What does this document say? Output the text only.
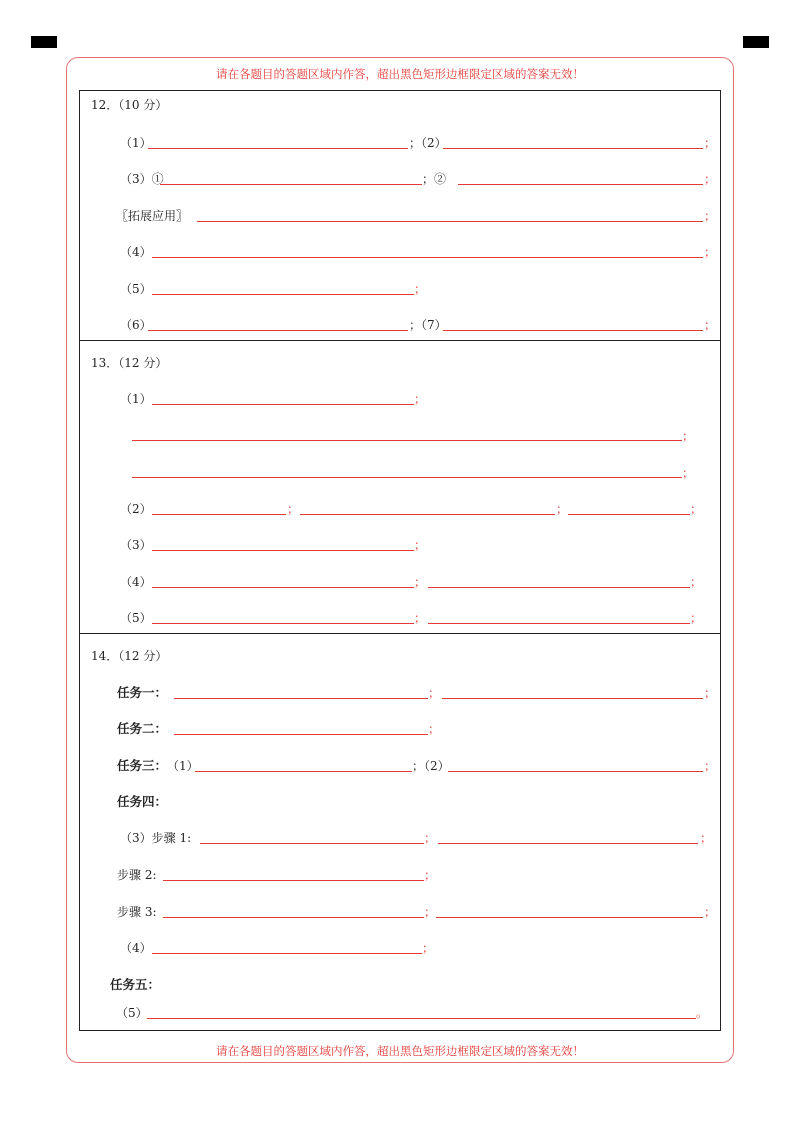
请在各题目的答题区域内作答，超出黑色矩形边框限定区域的答案无效！
请在各题目的答题区域内作答，超出黑色矩形边框限定区域的答案无效！
12．（10 分）
（1）	；（2）	；
（3）①	；②	；
〖拓展应用〗	；
（4）	；
（5）	；
（6）	；（7）	；
13．（12 分）
（1）	；
；
；
（2）	；	；	；
（3）	；
（4）	；	；
（5）	；	；
14．（12 分）
任务一：	；	；
任务二：	；
任务三： （1）	；（2）	；
任务四：
（3）步骤 1:	；	；
步骤 2:	；
步骤 3:	；	；
（4）	；
任务五：
（5）	。
